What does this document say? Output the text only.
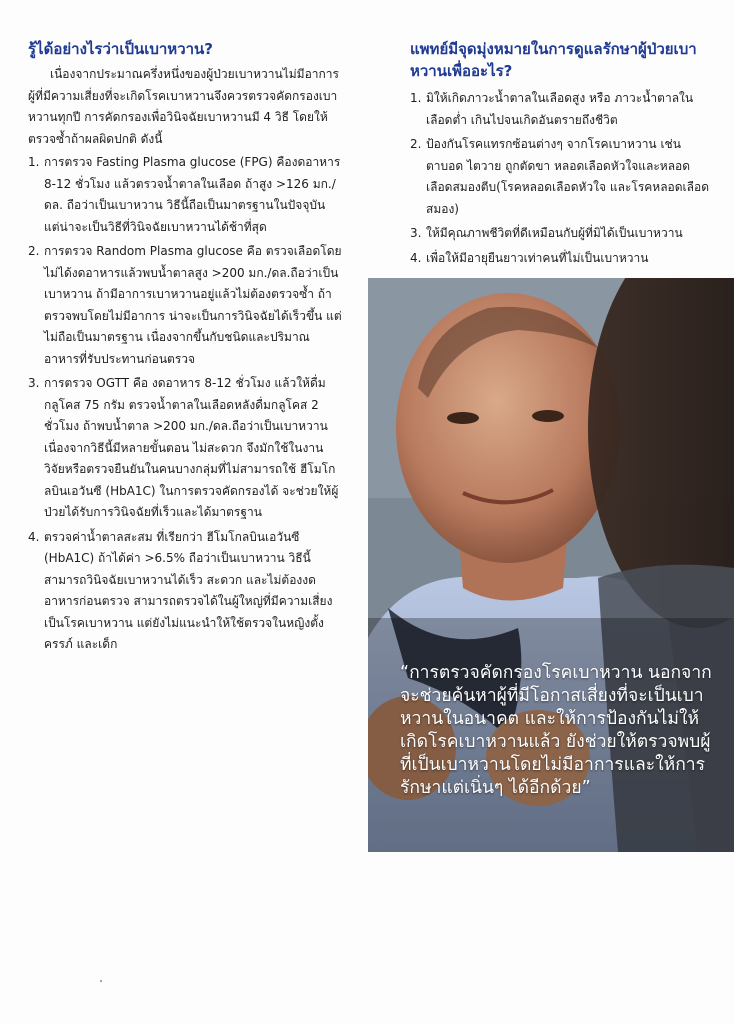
รู้ได้อย่างไรว่าเป็นเบาหวาน?

เนื่องจากประมาณครึ่งหนึ่งของผู้ป่วยเบาหวานไม่มีอาการ ผู้ที่มีความเสี่ยงที่จะเกิดโรคเบาหวานจึงควรตรวจคัดกรองเบาหวานทุกปี การคัดกรองเพื่อวินิจฉัยเบาหวานมี 4 วิธี โดยให้ตรวจซ้ำถ้าผลผิดปกติ ดังนี้

1. การตรวจ Fasting Plasma glucose (FPG) คืองดอาหาร 8-12 ชั่วโมง แล้วตรวจน้ำตาลในเลือด ถ้าสูง >126 มก./ดล. ถือว่าเป็นเบาหวาน วิธีนี้ถือเป็นมาตรฐานในปัจจุบัน แต่น่าจะเป็นวิธีที่วินิจฉัยเบาหวานได้ช้าที่สุด
2. การตรวจ Random Plasma glucose คือ ตรวจเลือดโดยไม่ได้งดอาหารแล้วพบน้ำตาลสูง >200 มก./ดล.ถือว่าเป็นเบาหวาน ถ้ามีอาการเบาหวานอยู่แล้วไม่ต้องตรวจซ้ำ ถ้าตรวจพบโดยไม่มีอาการ น่าจะเป็นการวินิจฉัยได้เร็วขึ้น แต่ไม่ถือเป็นมาตรฐาน เนื่องจากขึ้นกับชนิดและปริมาณอาหารที่รับประทานก่อนตรวจ
3. การตรวจ OGTT คือ งดอาหาร 8-12 ชั่วโมง แล้วให้ดื่มกลูโคส 75 กรัม ตรวจน้ำตาลในเลือดหลังดื่มกลูโคส 2 ชั่วโมง ถ้าพบน้ำตาล >200 มก./ดล.ถือว่าเป็นเบาหวาน เนื่องจากวิธีนี้มีหลายขั้นตอน ไม่สะดวก จึงมักใช้ในงานวิจัยหรือตรวจยืนยันในคนบางกลุ่มที่ไม่สามารถใช้ ฮีโมโกลบินเอวันซี (HbA1C) ในการตรวจคัดกรองได้ จะช่วยให้ผู้ป่วยได้รับการวินิจฉัยที่เร็วและได้มาตรฐาน
4. ตรวจค่าน้ำตาลสะสม ที่เรียกว่า ฮีโมโกลบินเอวันซี (HbA1C) ถ้าได้ค่า >6.5% ถือว่าเป็นเบาหวาน วิธีนี้สามารถวินิจฉัยเบาหวานได้เร็ว สะดวก และไม่ต้องงดอาหารก่อนตรวจ สามารถตรวจได้ในผู้ใหญ่ที่มีความเสี่ยงเป็นโรคเบาหวาน แต่ยังไม่แนะนำให้ใช้ตรวจในหญิงตั้งครรภ์ และเด็ก
แพทย์มีจุดมุ่งหมายในการดูแลรักษาผู้ป่วยเบาหวานเพื่ออะไร?
1. มิให้เกิดภาวะน้ำตาลในเลือดสูง หรือ ภาวะน้ำตาลในเลือดต่ำ เกินไปจนเกิดอันตรายถึงชีวิต
2. ป้องกันโรคแทรกซ้อนต่างๆ จากโรคเบาหวาน เช่น ตาบอด ไตวาย ถูกตัดขา หลอดเลือดหัวใจและหลอดเลือดสมองตีบ(โรคหลอดเลือดหัวใจ และโรคหลอดเลือดสมอง)
3. ให้มีคุณภาพชีวิตที่ดีเหมือนกับผู้ที่มิได้เป็นเบาหวาน
4. เพื่อให้มีอายุยืนยาวเท่าคนที่ไม่เป็นเบาหวาน

“การตรวจคัดกรองโรคเบาหวาน นอกจากจะช่วยค้นหาผู้ที่มีโอกาสเสี่ยงที่จะเป็นเบาหวานในอนาคต และให้การป้องกันไม่ให้เกิดโรคเบาหวานแล้ว ยังช่วยให้ตรวจพบผู้ที่เป็นเบาหวานโดยไม่มีอาการและให้การรักษาแต่เนิ่นๆ ได้อีกด้วย”
